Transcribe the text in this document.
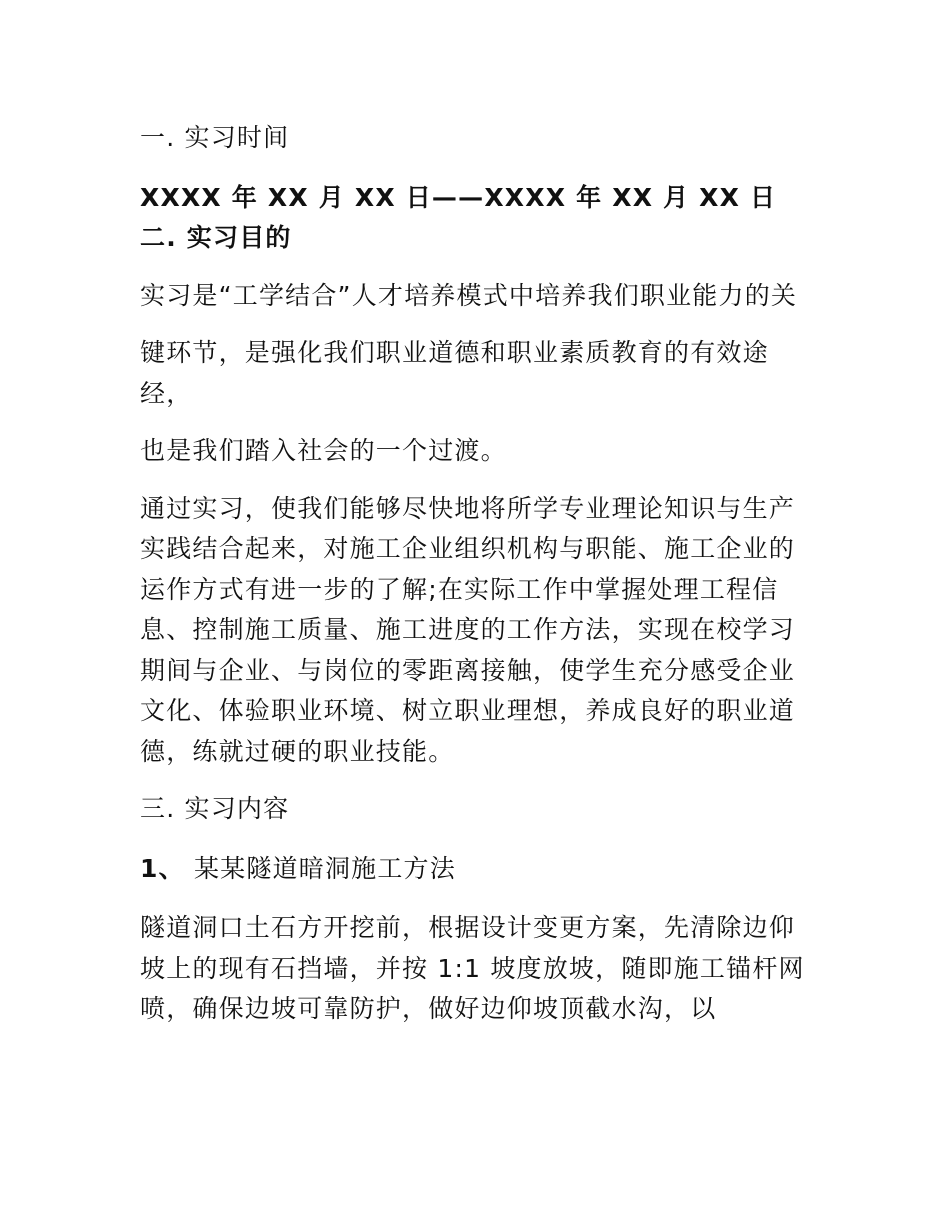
一. 实习时间

XXXX 年 XX 月 XX 日——XXXX 年 XX 月 XX 日  二. 实习目的

实习是“工学结合”人才培养模式中培养我们职业能力的关

键环节，是强化我们职业道德和职业素质教育的有效途经，

也是我们踏入社会的一个过渡。

通过实习，使我们能够尽快地将所学专业理论知识与生产实践结合起来，对施工企业组织机构与职能、施工企业的运作方式有进一步的了解;在实际工作中掌握处理工程信息、控制施工质量、施工进度的工作方法，实现在校学习期间与企业、与岗位的零距离接触，使学生充分感受企业文化、体验职业环境、树立职业理想，养成良好的职业道德，练就过硬的职业技能。

三. 实习内容

1、 某某隧道暗洞施工方法

隧道洞口土石方开挖前，根据设计变更方案，先清除边仰坡上的现有石挡墙，并按 1:1 坡度放坡，随即施工锚杆网喷，确保边坡可靠防护，做好边仰坡顶截水沟，以
